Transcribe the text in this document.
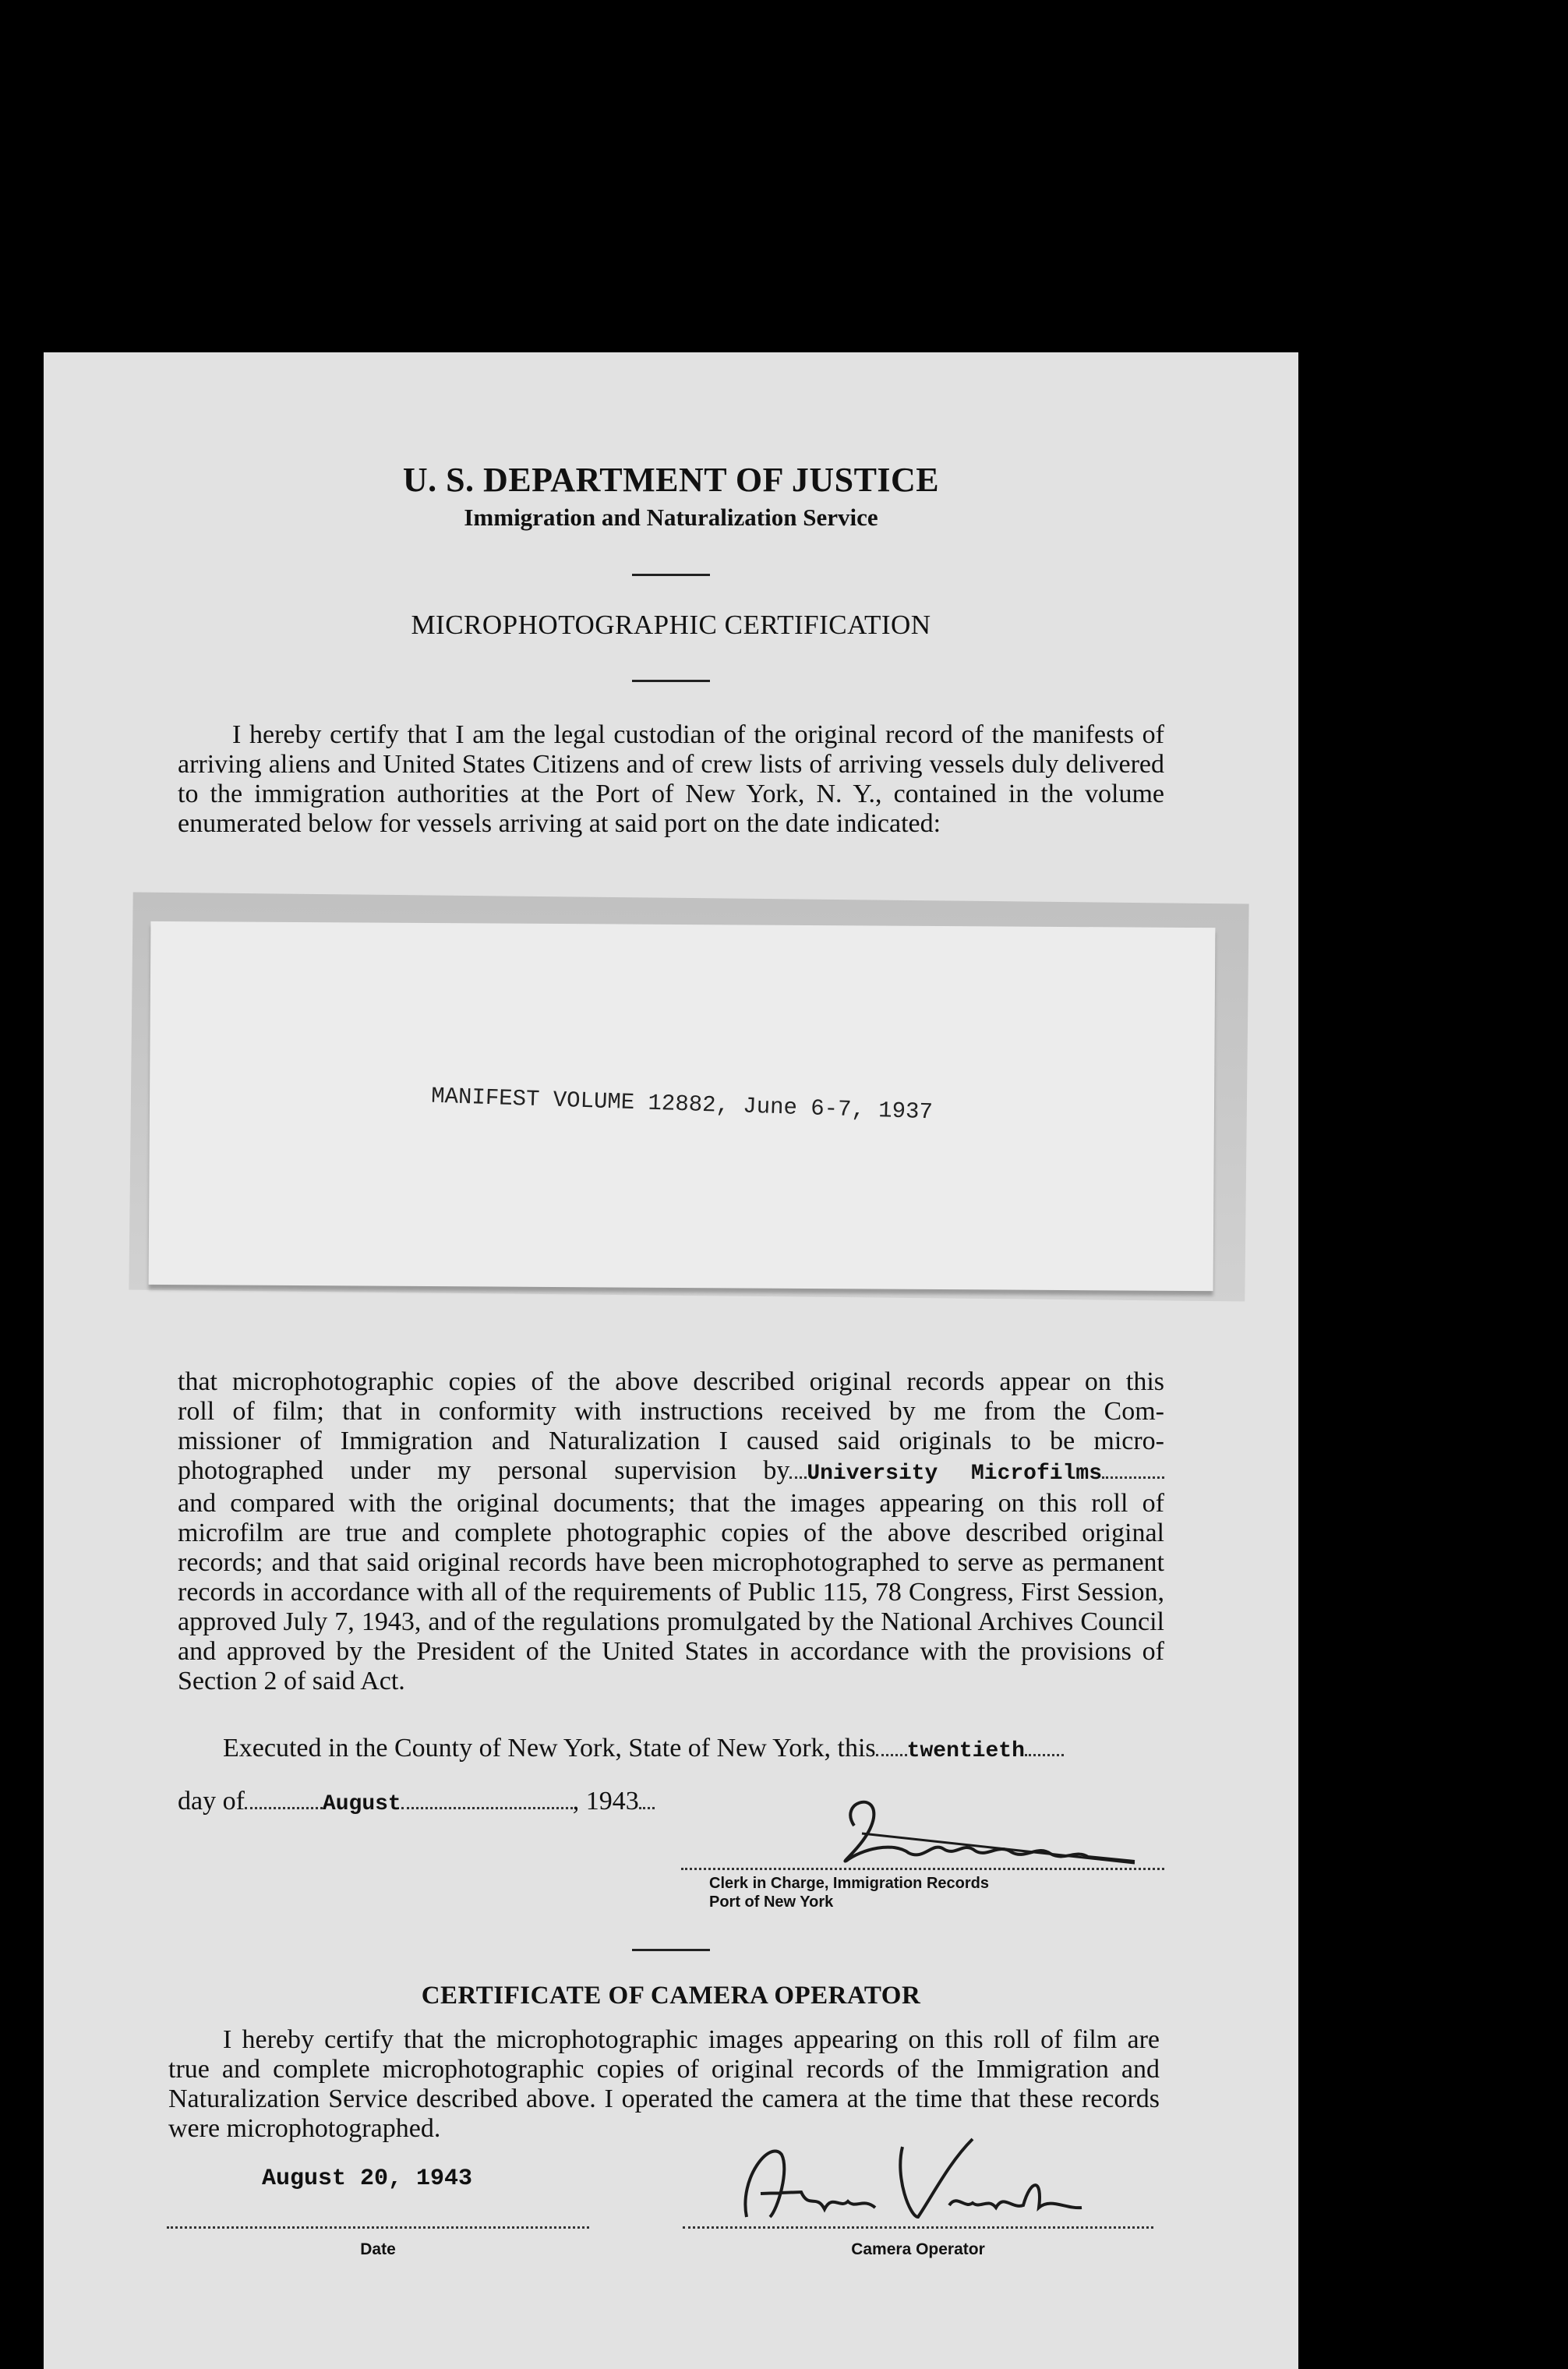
U. S. DEPARTMENT OF JUSTICE
Immigration and Naturalization Service
MICROPHOTOGRAPHIC CERTIFICATION
I hereby certify that I am the legal custodian of the original record of the manifests of arriving aliens and United States Citizens and of crew lists of arriving vessels duly delivered to the immigration authorities at the Port of New York, N. Y., contained in the volume enumerated below for vessels arriving at said port on the date indicated:
MANIFEST VOLUME 12882, June 6-7, 1937
that microphotographic copies of the above described original records appear on this
roll of film; that in conformity with instructions received by me from the Com-
missioner of Immigration and Naturalization I caused said originals to be micro-
photographed under my personal supervision by University Microfilms
and compared with the original documents; that the images appearing on this roll of microfilm are true and complete photographic copies of the above described original records; and that said original records have been microphotographed to serve as permanent records in accordance with all of the requirements of Public 115, 78 Congress, First Session, approved July 7, 1943, and of the regulations promulgated by the National Archives Council and approved by the President of the United States in accordance with the provisions of Section 2 of said Act.
Executed in the County of New York, State of New York, this twentieth
day of	August	, 1943
Clerk in Charge, Immigration Records
Port of New York
CERTIFICATE OF CAMERA OPERATOR
I hereby certify that the microphotographic images appearing on this roll of film are true and complete microphotographic copies of original records of the Immigration and Naturalization Service described above. I operated the camera at the time that these records were microphotographed.
August 20, 1943
Date	Camera Operator
